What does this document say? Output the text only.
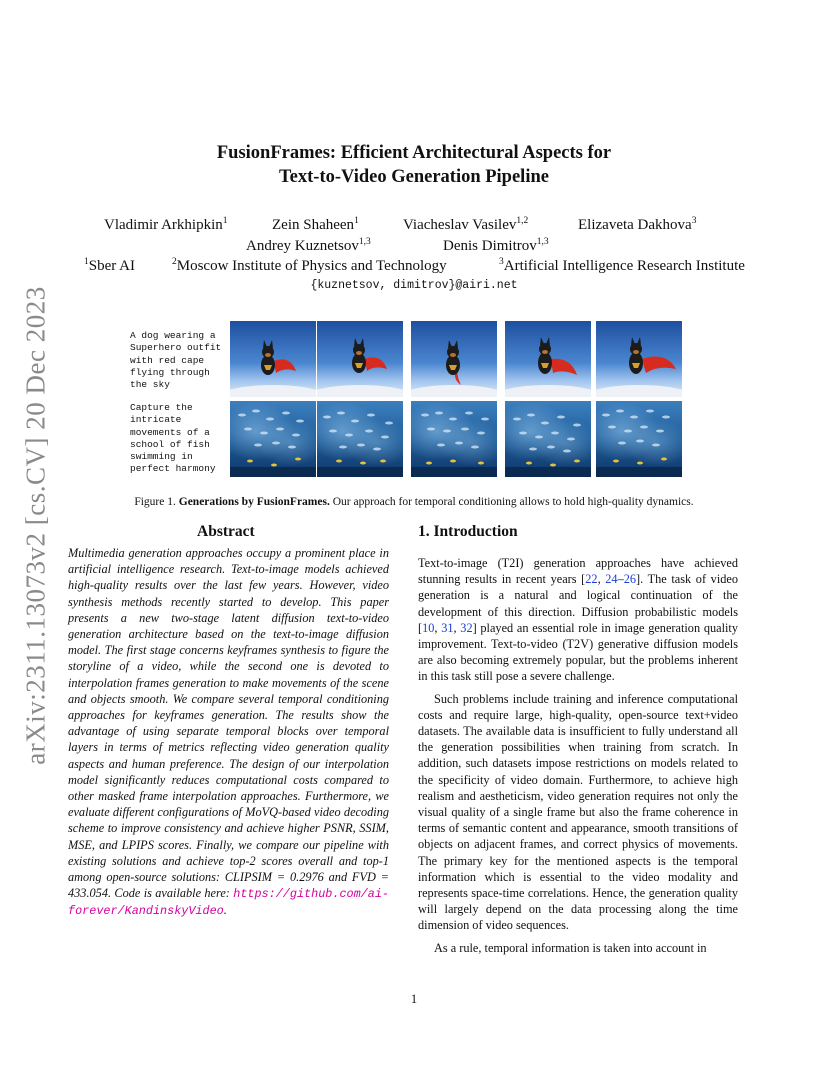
arXiv:2311.13073v2 [cs.CV] 20 Dec 2023
FusionFrames: Efficient Architectural Aspects for
Text-to-Video Generation Pipeline
Vladimir Arkhipkin$^1$	Zein Shaheen$^1$	Viacheslav Vasilev$^{1,2}$	Elizaveta Dakhova$^3$
Andrey Kuznetsov$^{1,3}$	Denis Dimitrov$^{1,3}$
$^1$Sber AI	$^2$Moscow Institute of Physics and Technology	$^3$Artificial Intelligence Research Institute
{kuznetsov, dimitrov}@airi.net
A dog wearing a Superhero outfit with red cape flying through the sky
Capture the intricate movements of a school of fish swimming in perfect harmony
Figure 1. Generations by FusionFrames. Our approach for temporal conditioning allows to hold high-quality dynamics.
Abstract

Multimedia generation approaches occupy a prominent place in artificial intelligence research. Text-to-image models achieved high-quality results over the last few years. However, video synthesis methods recently started to develop. This paper presents a new two-stage latent diffusion text-to-video generation architecture based on the text-to-image diffusion model. The first stage concerns keyframes synthesis to figure the storyline of a video, while the second one is devoted to interpolation frames generation to make movements of the scene and objects smooth. We compare several temporal conditioning approaches for keyframes generation. The results show the advantage of using separate temporal blocks over temporal layers in terms of metrics reflecting video generation quality aspects and human preference. The design of our interpolation model significantly reduces computational costs compared to other masked frame interpolation approaches. Furthermore, we evaluate different configurations of MoVQ-based video decoding scheme to improve consistency and achieve higher PSNR, SSIM, MSE, and LPIPS scores. Finally, we compare our pipeline with existing solutions and achieve top-2 scores overall and top-1 among open-source solutions: CLIPSIM = 0.2976 and FVD = 433.054. Code is available here: https://github.com/ai-forever/KandinskyVideo.

1. Introduction

Text-to-image (T2I) generation approaches have achieved stunning results in recent years [22, 24–26]. The task of video generation is a natural and logical continuation of the development of this direction. Diffusion probabilistic models [10, 31, 32] played an essential role in image generation quality improvement. Text-to-video (T2V) generative diffusion models are also becoming extremely popular, but the problems inherent in this task still pose a severe challenge.

Such problems include training and inference computational costs and require large, high-quality, open-source text+video datasets. The available data is insufficient to fully understand all the generation possibilities when training from scratch. In addition, such datasets impose restrictions on models related to the specificity of video domain. Furthermore, to achieve high realism and aestheticism, video generation requires not only the visual quality of a single frame but also the frame coherence in terms of semantic content and appearance, smooth transitions of objects on adjacent frames, and correct physics of movements. The primary key for the mentioned aspects is the temporal information which is essential to the video modality and represents space-time correlations. Hence, the generation quality will largely depend on the data processing along the time dimension of video sequences.

As a rule, temporal information is taken into account in

1
